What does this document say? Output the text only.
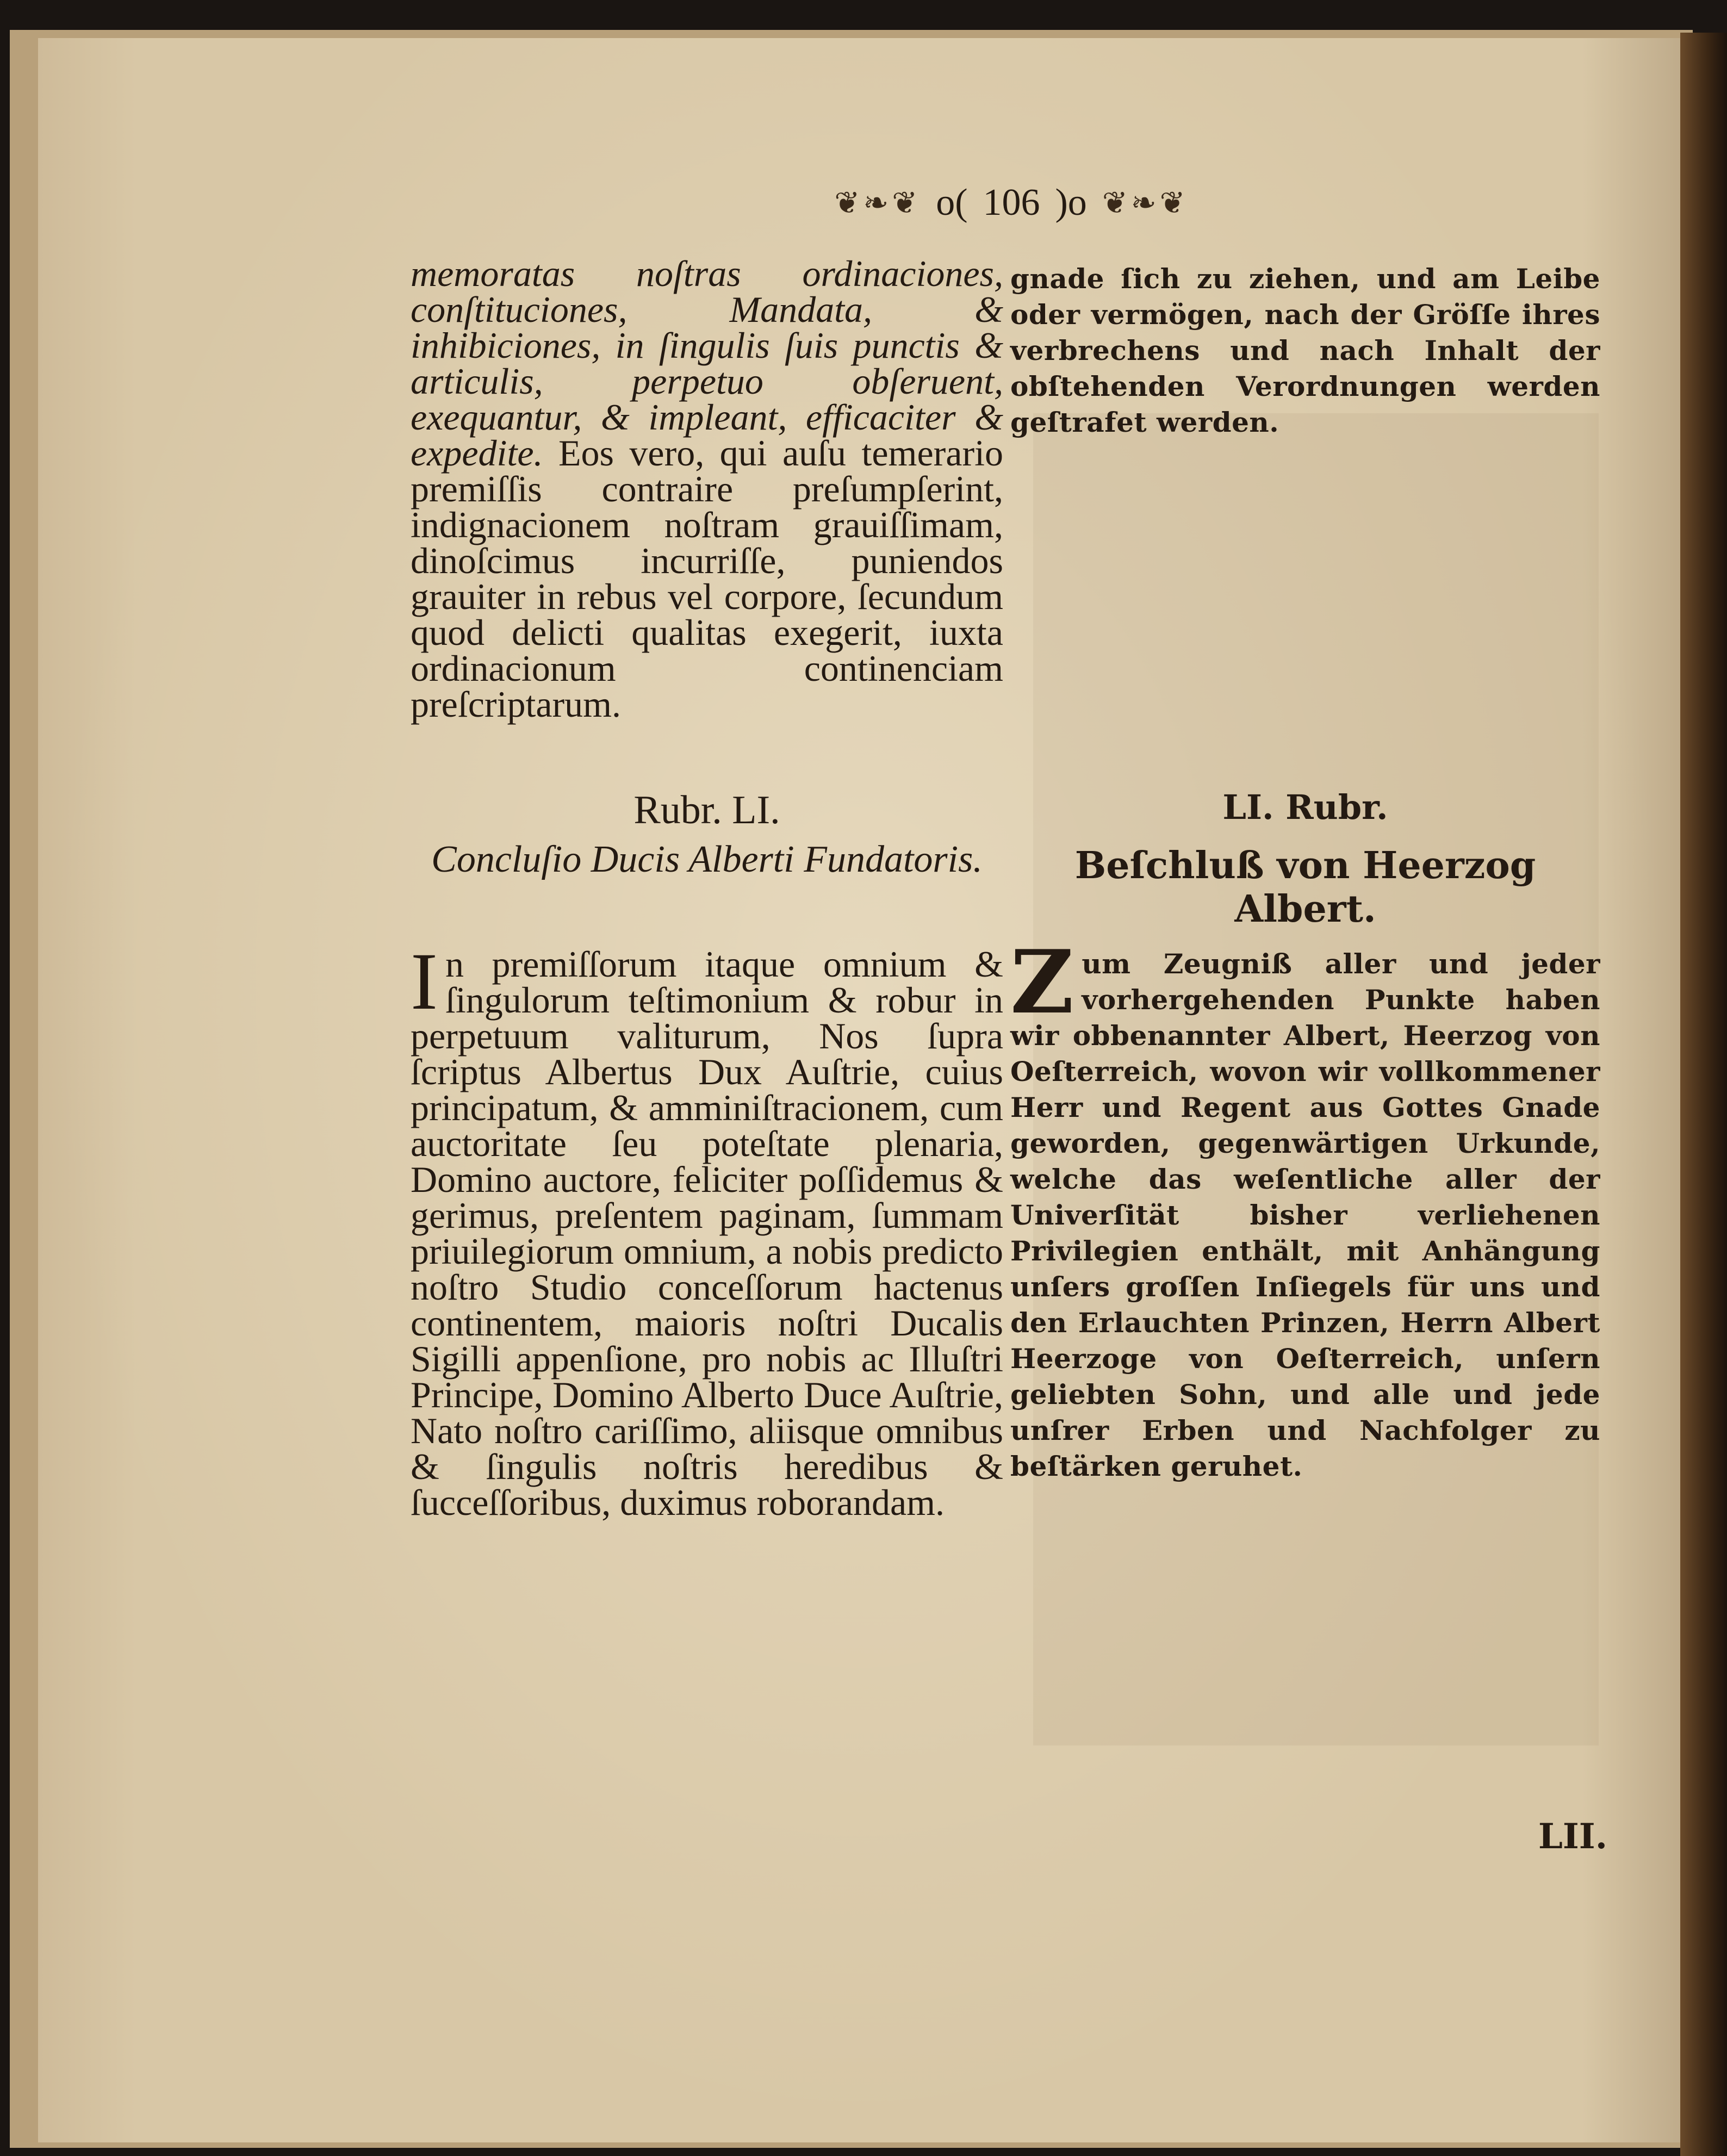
❦❧❦ o( 106 )o ❦❧❦

memoratas noſtras ordinaciones, conſtituciones, Mandata, & inhibiciones, in ſingulis ſuis punctis & articulis, perpetuo obſeruent, exequantur, & impleant, efficaciter & expedite. Eos vero, qui auſu temerario premiſſis contraire preſumpſerint, indignacionem noſtram grauiſſimam, dinoſcimus incurriſſe, puniendos grauiter in rebus vel corpore, ſecundum quod delicti qualitas exegerit, iuxta ordinacionum continenciam preſcriptarum.

gnade ſich zu ziehen, und am Leibe oder vermögen, nach der Gröſſe ihres verbrechens und nach Inhalt der obſtehenden Verordnungen werden geſtrafet werden.

Rubr. LI.	LI. Rubr.
Concluſio Ducis Alberti Fundatoris.	Beſchluß von Heerzog Albert.

In premiſſorum itaque omnium & ſingulorum teſtimonium & robur in perpetuum valiturum, Nos ſupra ſcriptus Albertus Dux Auſtrie, cuius principatum, & amminiſtracionem, cum auctoritate ſeu poteſtate plenaria, Domino auctore, feliciter poſſidemus & gerimus, preſentem paginam, ſummam priuilegiorum omnium, a nobis predicto noſtro Studio conceſſorum hactenus continentem, maioris noſtri Ducalis Sigilli appenſione, pro nobis ac Illuſtri Principe, Domino Alberto Duce Auſtrie, Nato noſtro cariſſimo, aliisque omnibus & ſingulis noſtris heredibus & ſucceſſoribus, duximus roborandam.

Zum Zeugniß aller und jeder vorhergehenden Punkte haben wir obbenannter Albert, Heerzog von Oeſterreich, wovon wir vollkommener Herr und Regent aus Gottes Gnade geworden, gegenwärtigen Urkunde, welche das weſentliche aller der Univerſität bisher verliehenen Privilegien enthält, mit Anhängung unſers groſſen Inſiegels für uns und den Erlauchten Prinzen, Herrn Albert Heerzoge von Oeſterreich, unſern geliebten Sohn, und alle und jede unſrer Erben und Nachfolger zu beſtärken geruhet.

LII.
